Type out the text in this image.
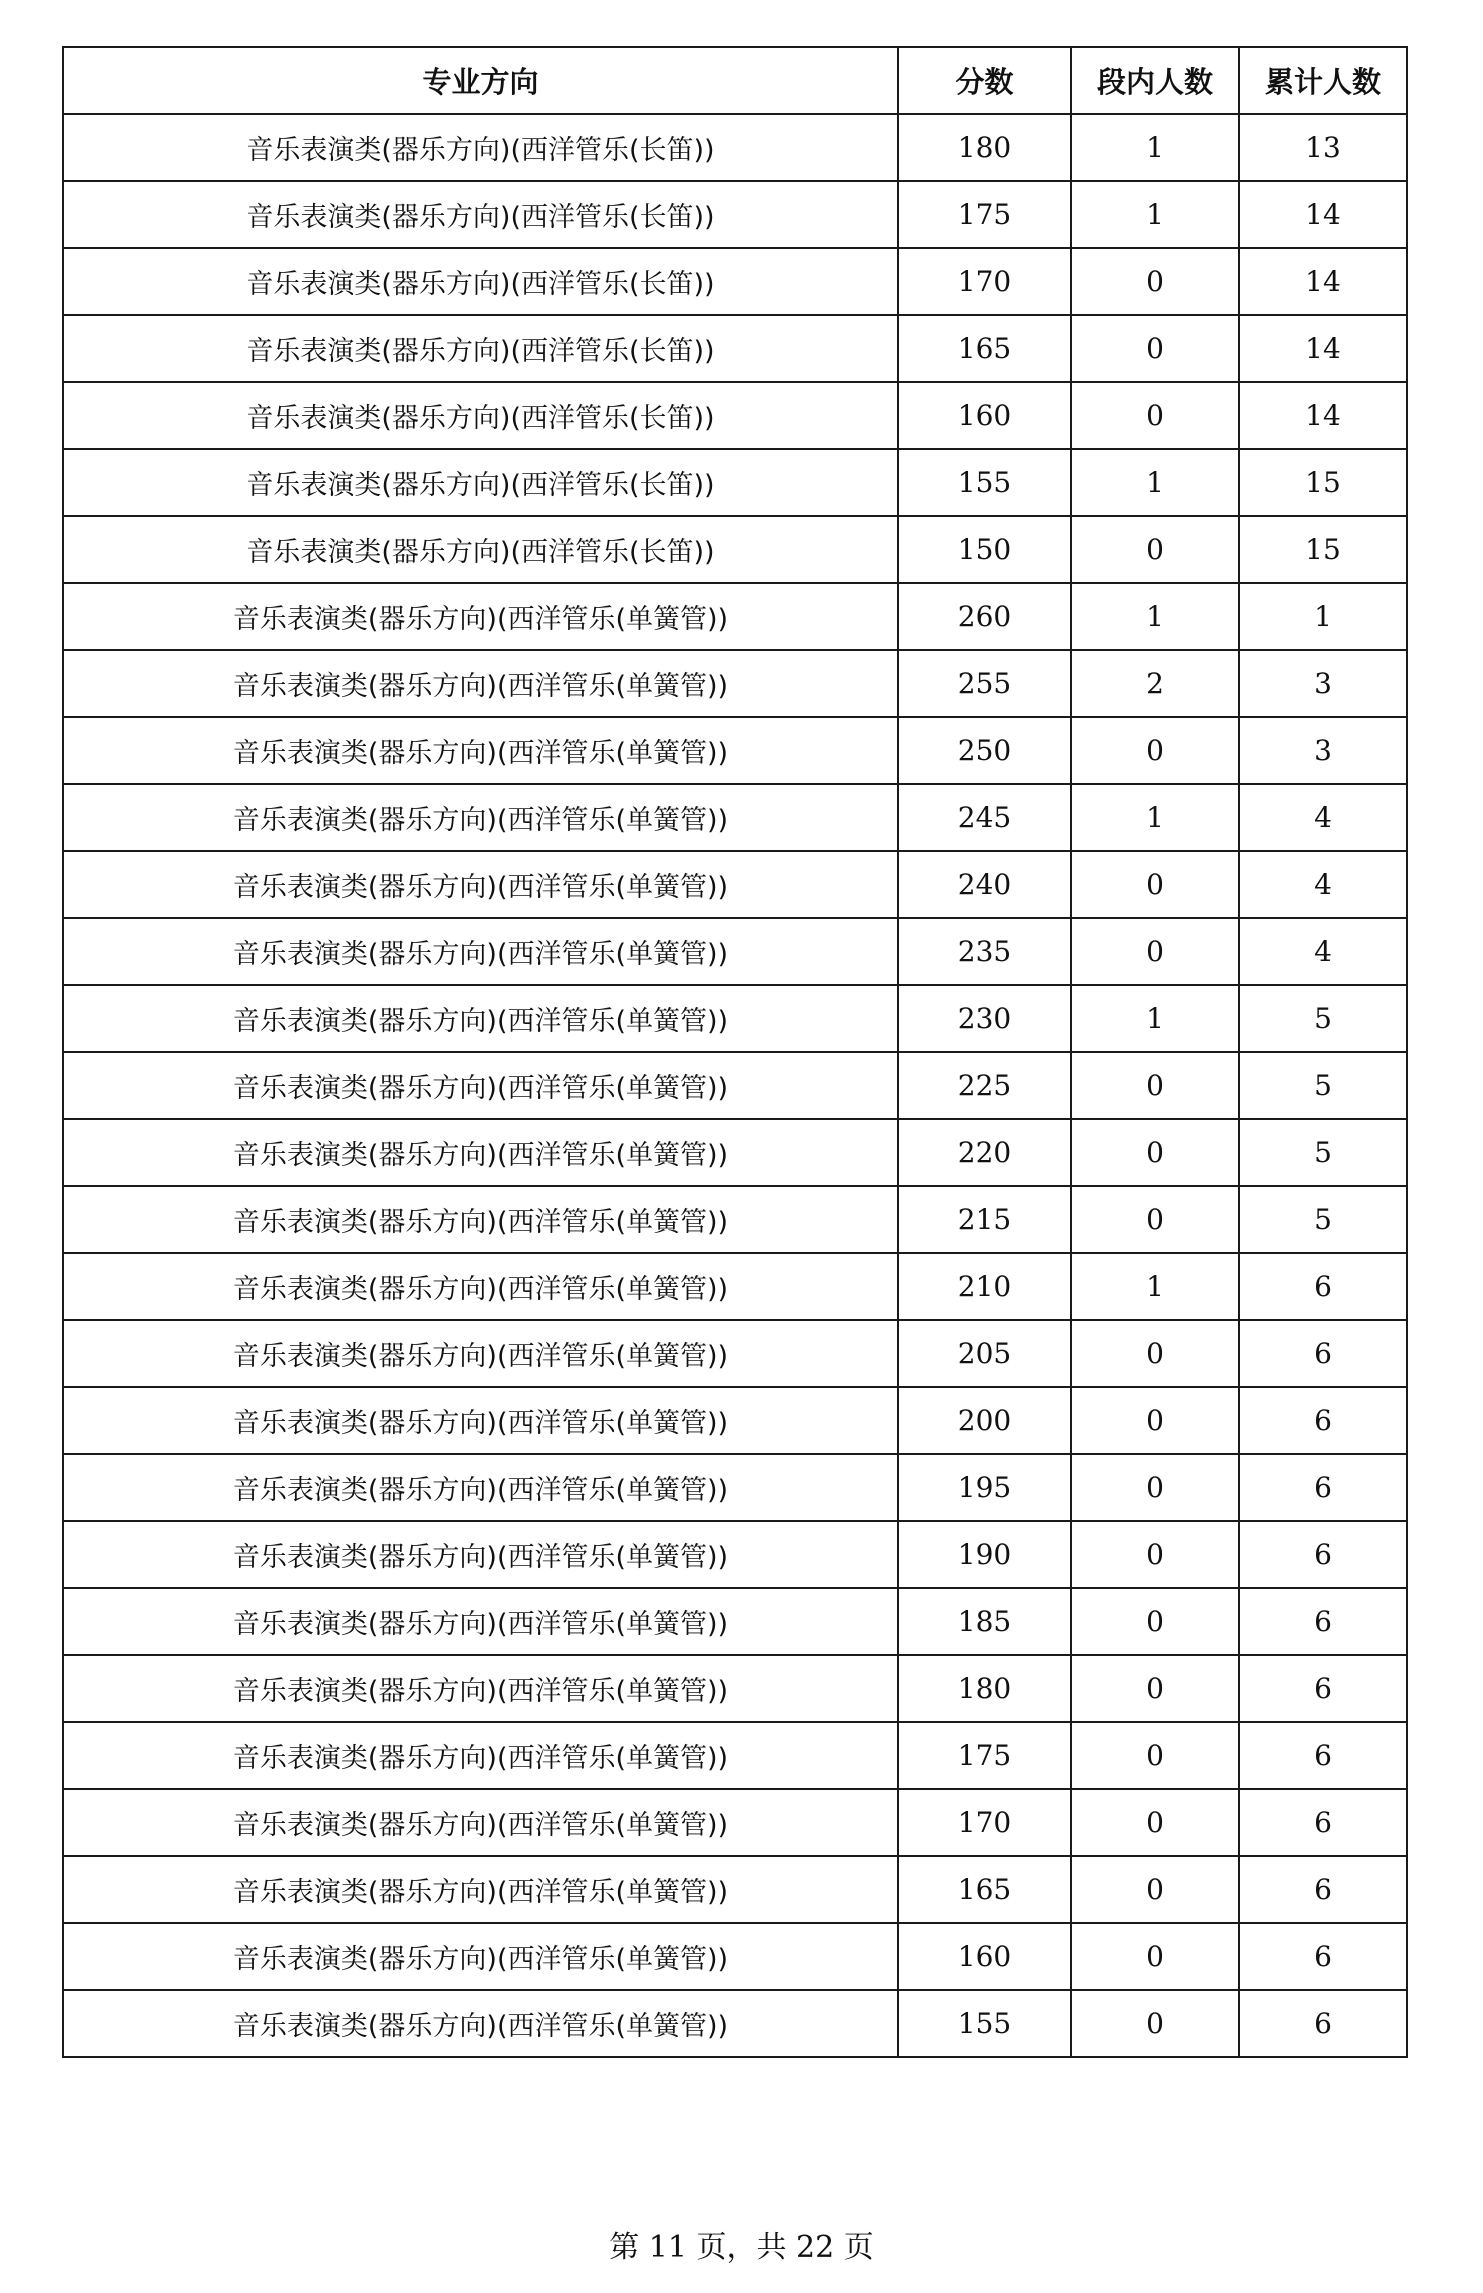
专业方向	分数	段内人数	累计人数
音乐表演类(器乐方向)(西洋管乐(长笛))	180	1	13
音乐表演类(器乐方向)(西洋管乐(长笛))	175	1	14
音乐表演类(器乐方向)(西洋管乐(长笛))	170	0	14
音乐表演类(器乐方向)(西洋管乐(长笛))	165	0	14
音乐表演类(器乐方向)(西洋管乐(长笛))	160	0	14
音乐表演类(器乐方向)(西洋管乐(长笛))	155	1	15
音乐表演类(器乐方向)(西洋管乐(长笛))	150	0	15
音乐表演类(器乐方向)(西洋管乐(单簧管))	260	1	1
音乐表演类(器乐方向)(西洋管乐(单簧管))	255	2	3
音乐表演类(器乐方向)(西洋管乐(单簧管))	250	0	3
音乐表演类(器乐方向)(西洋管乐(单簧管))	245	1	4
音乐表演类(器乐方向)(西洋管乐(单簧管))	240	0	4
音乐表演类(器乐方向)(西洋管乐(单簧管))	235	0	4
音乐表演类(器乐方向)(西洋管乐(单簧管))	230	1	5
音乐表演类(器乐方向)(西洋管乐(单簧管))	225	0	5
音乐表演类(器乐方向)(西洋管乐(单簧管))	220	0	5
音乐表演类(器乐方向)(西洋管乐(单簧管))	215	0	5
音乐表演类(器乐方向)(西洋管乐(单簧管))	210	1	6
音乐表演类(器乐方向)(西洋管乐(单簧管))	205	0	6
音乐表演类(器乐方向)(西洋管乐(单簧管))	200	0	6
音乐表演类(器乐方向)(西洋管乐(单簧管))	195	0	6
音乐表演类(器乐方向)(西洋管乐(单簧管))	190	0	6
音乐表演类(器乐方向)(西洋管乐(单簧管))	185	0	6
音乐表演类(器乐方向)(西洋管乐(单簧管))	180	0	6
音乐表演类(器乐方向)(西洋管乐(单簧管))	175	0	6
音乐表演类(器乐方向)(西洋管乐(单簧管))	170	0	6
音乐表演类(器乐方向)(西洋管乐(单簧管))	165	0	6
音乐表演类(器乐方向)(西洋管乐(单簧管))	160	0	6
音乐表演类(器乐方向)(西洋管乐(单簧管))	155	0	6
第 11 页，共 22 页
